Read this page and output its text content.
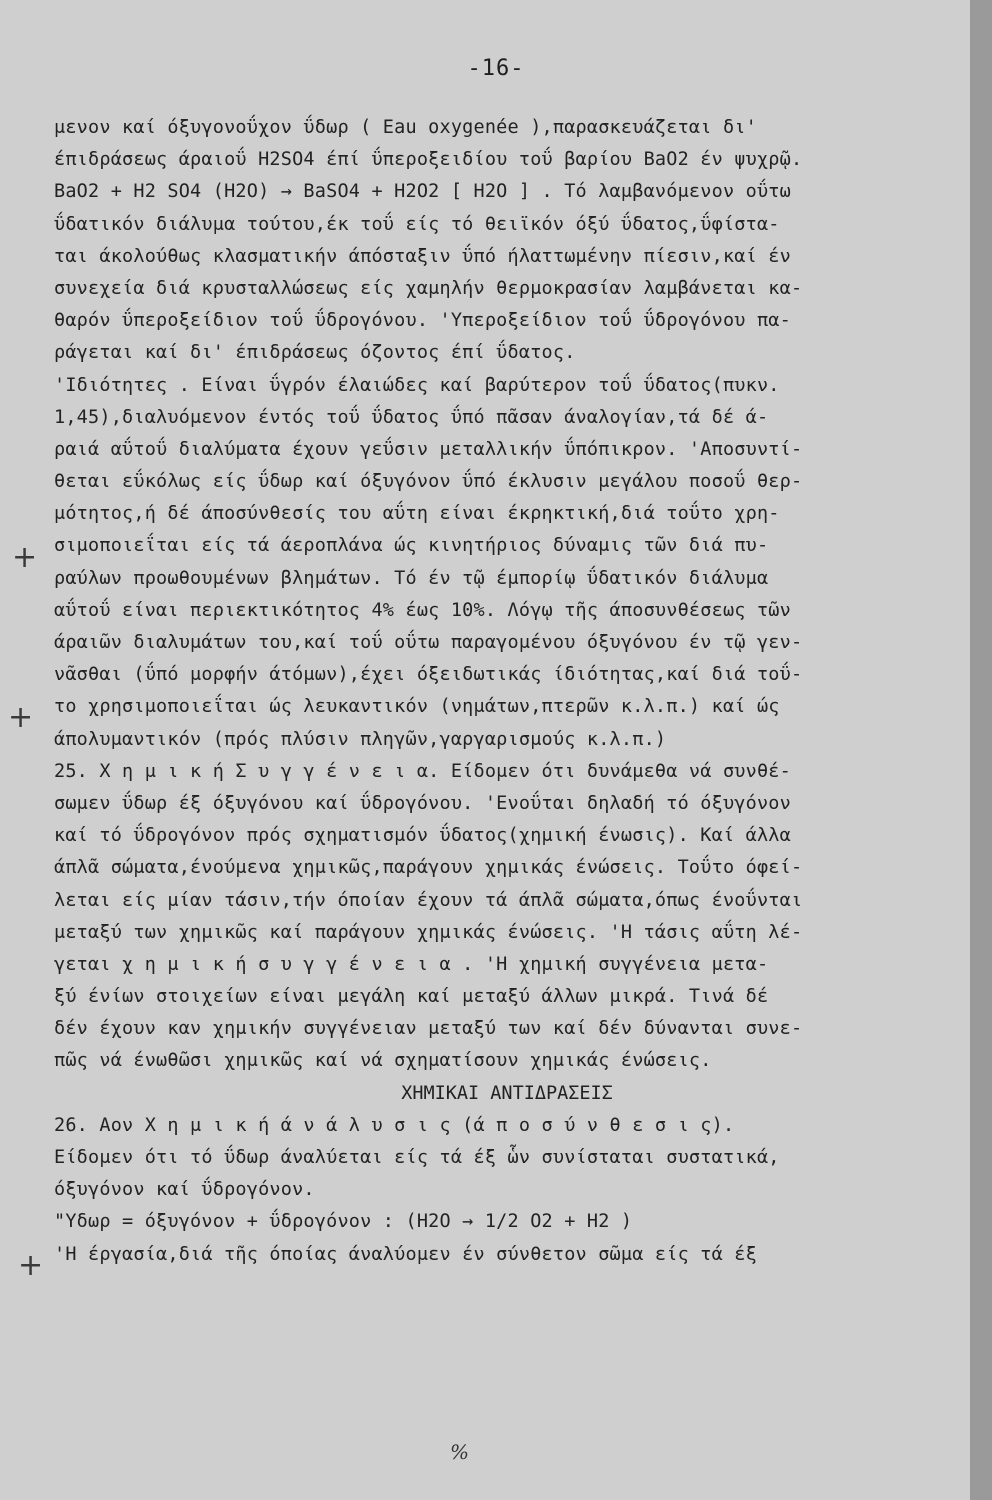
-16-
μενον καί όξυγονοΰχον ΰδωρ ( Eau oxygenée ),παρασκευάζεται δι'
έπιδράσεως άραιοΰ H2SO4 έπί ΰπεροξειδίου τοΰ βαρίου BaO2 έν ψυχρῷ.
BaO2 + H2 SO4 (H2O) → BaSO4 + H2O2 [ H2O ] . Τό λαμβανόμενον οΰτω
ΰδατικόν διάλυμα τούτου,έκ τοΰ είς τό θειϊκόν όξύ ΰδατος,ΰφίστα-
ται άκολούθως κλασματικήν άπόσταξιν ΰπό ήλαττωμένην πίεσιν,καί έν
συνεχεία διά κρυσταλλώσεως είς χαμηλήν θερμοκρασίαν λαμβάνεται κα-
θαρόν ΰπεροξείδιον τοΰ ΰδρογόνου. 'Υπεροξείδιον τοΰ ΰδρογόνου πα-
ράγεται καί δι' έπιδράσεως όζοντος έπί ΰδατος.
'Ιδιότητες . Είναι ΰγρόν έλαιώδες καί βαρύτερον τοΰ ΰδατος(πυκν.
1,45),διαλυόμενον έντός τοΰ ΰδατος ΰπό πᾶσαν άναλογίαν,τά δέ ά-
ραιά αΰτοΰ διαλύματα έχουν γεΰσιν μεταλλικήν ΰπόπικρον. 'Αποσυντί-
θεται εΰκόλως είς ΰδωρ καί όξυγόνον ΰπό έκλυσιν μεγάλου ποσοΰ θερ-
μότητος,ή δέ άποσύνθεσίς του αΰτη είναι έκρηκτική,διά τοΰτο χρη-
σιμοποιεΐται είς τά άεροπλάνα ώς κινητήριος δύναμις τῶν διά πυ-
ραύλων προωθουμένων βλημάτων. Τό έν τῷ έμπορίῳ ΰδατικόν διάλυμα
αΰτοΰ είναι περιεκτικότητος 4% έως 10%. Λόγῳ τῆς άποσυνθέσεως τῶν
άραιῶν διαλυμάτων του,καί τοΰ οΰτω παραγομένου όξυγόνου έν τῷ γεν-
νᾶσθαι (ΰπό μορφήν άτόμων),έχει όξειδωτικάς ίδιότητας,καί διά τοΰ-
το χρησιμοποιεΐται ώς λευκαντικόν (νημάτων,πτερῶν κ.λ.π.) καί ώς
άπολυμαντικόν (πρός πλύσιν πληγῶν,γαργαρισμούς κ.λ.π.)
25. Χ η μ ι κ ή Σ υ γ γ έ ν ε ι α. Είδομεν ότι δυνάμεθα νά συνθέ-
σωμεν ΰδωρ έξ όξυγόνου καί ΰδρογόνου. 'Ενοΰται δηλαδή τό όξυγόνον
καί τό ΰδρογόνον πρός σχηματισμόν ΰδατος(χημική ένωσις). Καί άλλα
άπλᾶ σώματα,ένούμενα χημικῶς,παράγουν χημικάς ένώσεις. Τοΰτο όφεί-
λεται είς μίαν τάσιν,τήν όποίαν έχουν τά άπλᾶ σώματα,όπως ένοΰνται
μεταξύ των χημικῶς καί παράγουν χημικάς ένώσεις. 'Η τάσις αΰτη λέ-
γεται χ η μ ι κ ή σ υ γ γ έ ν ε ι α . 'Η χημική συγγένεια μετα-
ξύ ένίων στοιχείων είναι μεγάλη καί μεταξύ άλλων μικρά. Τινά δέ
δέν έχουν καν χημικήν συγγένειαν μεταξύ των καί δέν δύνανται συνε-
πῶς νά ένωθῶσι χημικῶς καί νά σχηματίσουν χημικάς ένώσεις.
ΧΗΜΙΚΑΙ ΑΝΤΙΔΡΑΣΕΙΣ
26. Αον Χ η μ ι κ ή ά ν ά λ υ σ ι ς (ά π ο σ ύ ν θ ε σ ι ς).
Είδομεν ότι τό ΰδωρ άναλύεται είς τά έξ ὧν συνίσταται συστατικά,
όξυγόνον καί ΰδρογόνον.
"Υδωρ = όξυγόνον + ΰδρογόνον : (H2O → 1/2 O2 + H2 )
'Η έργασία,διά τῆς όποίας άναλύομεν έν σύνθετον σῶμα είς τά έξ
+
+
+
%
